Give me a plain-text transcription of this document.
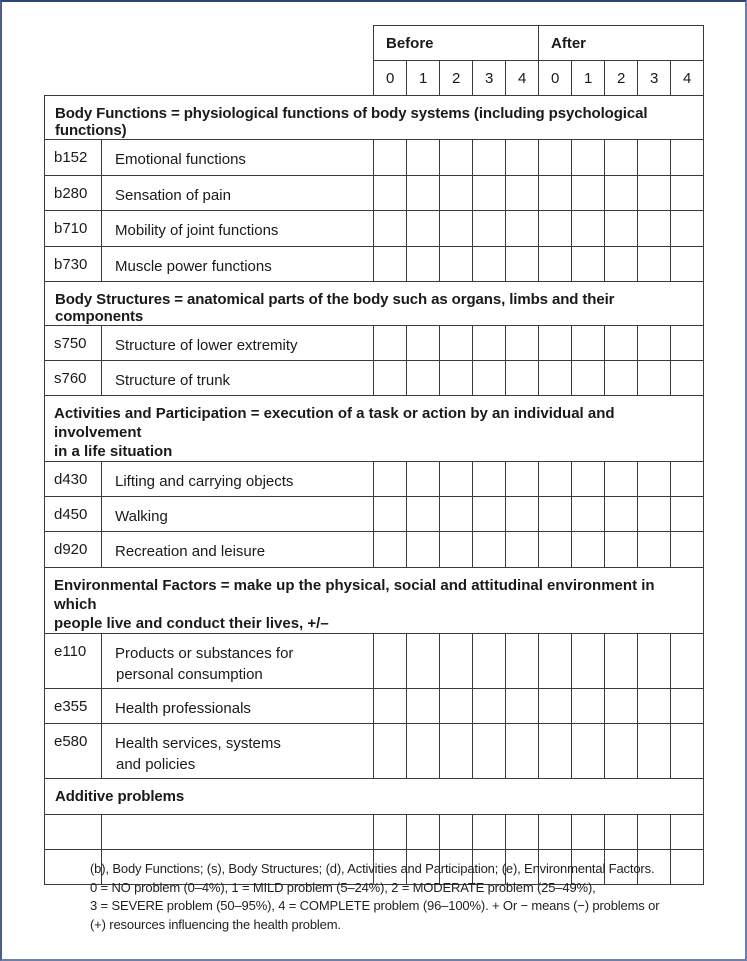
		Before					After				
		0	1	2	3	4	0	1	2	3	4
Body Functions = physiological functions of body systems (including psychological functions)											
b152	Emotional functions										
b280	Sensation of pain										
b710	Mobility of joint functions										
b730	Muscle power functions										
Body Structures = anatomical parts of the body such as organs, limbs and their components											
s750	Structure of lower extremity										
s760	Structure of trunk										

Activities and Participation = execution of a task or action by an individual and involvement
in a life situation											

d430	Lifting and carrying objects										
d450	Walking										
d920	Recreation and leisure										

Environmental Factors = make up the physical, social and attitudinal environment in which
people live and conduct their lives, +/–											

e110	Products or substances for
personal consumption										

e355	Health professionals										
e580	Health services, systems
and policies										

Additive problems											

(b), Body Functions; (s), Body Structures; (d), Activities and Participation; (e), Environmental Factors.
0 = NO problem (0–4%), 1 = MILD problem (5–24%), 2 = MODERATE problem (25–49%),
3 = SEVERE problem (50–95%), 4 = COMPLETE problem (96–100%). + Or − means (−) problems or
(+) resources influencing the health problem.
